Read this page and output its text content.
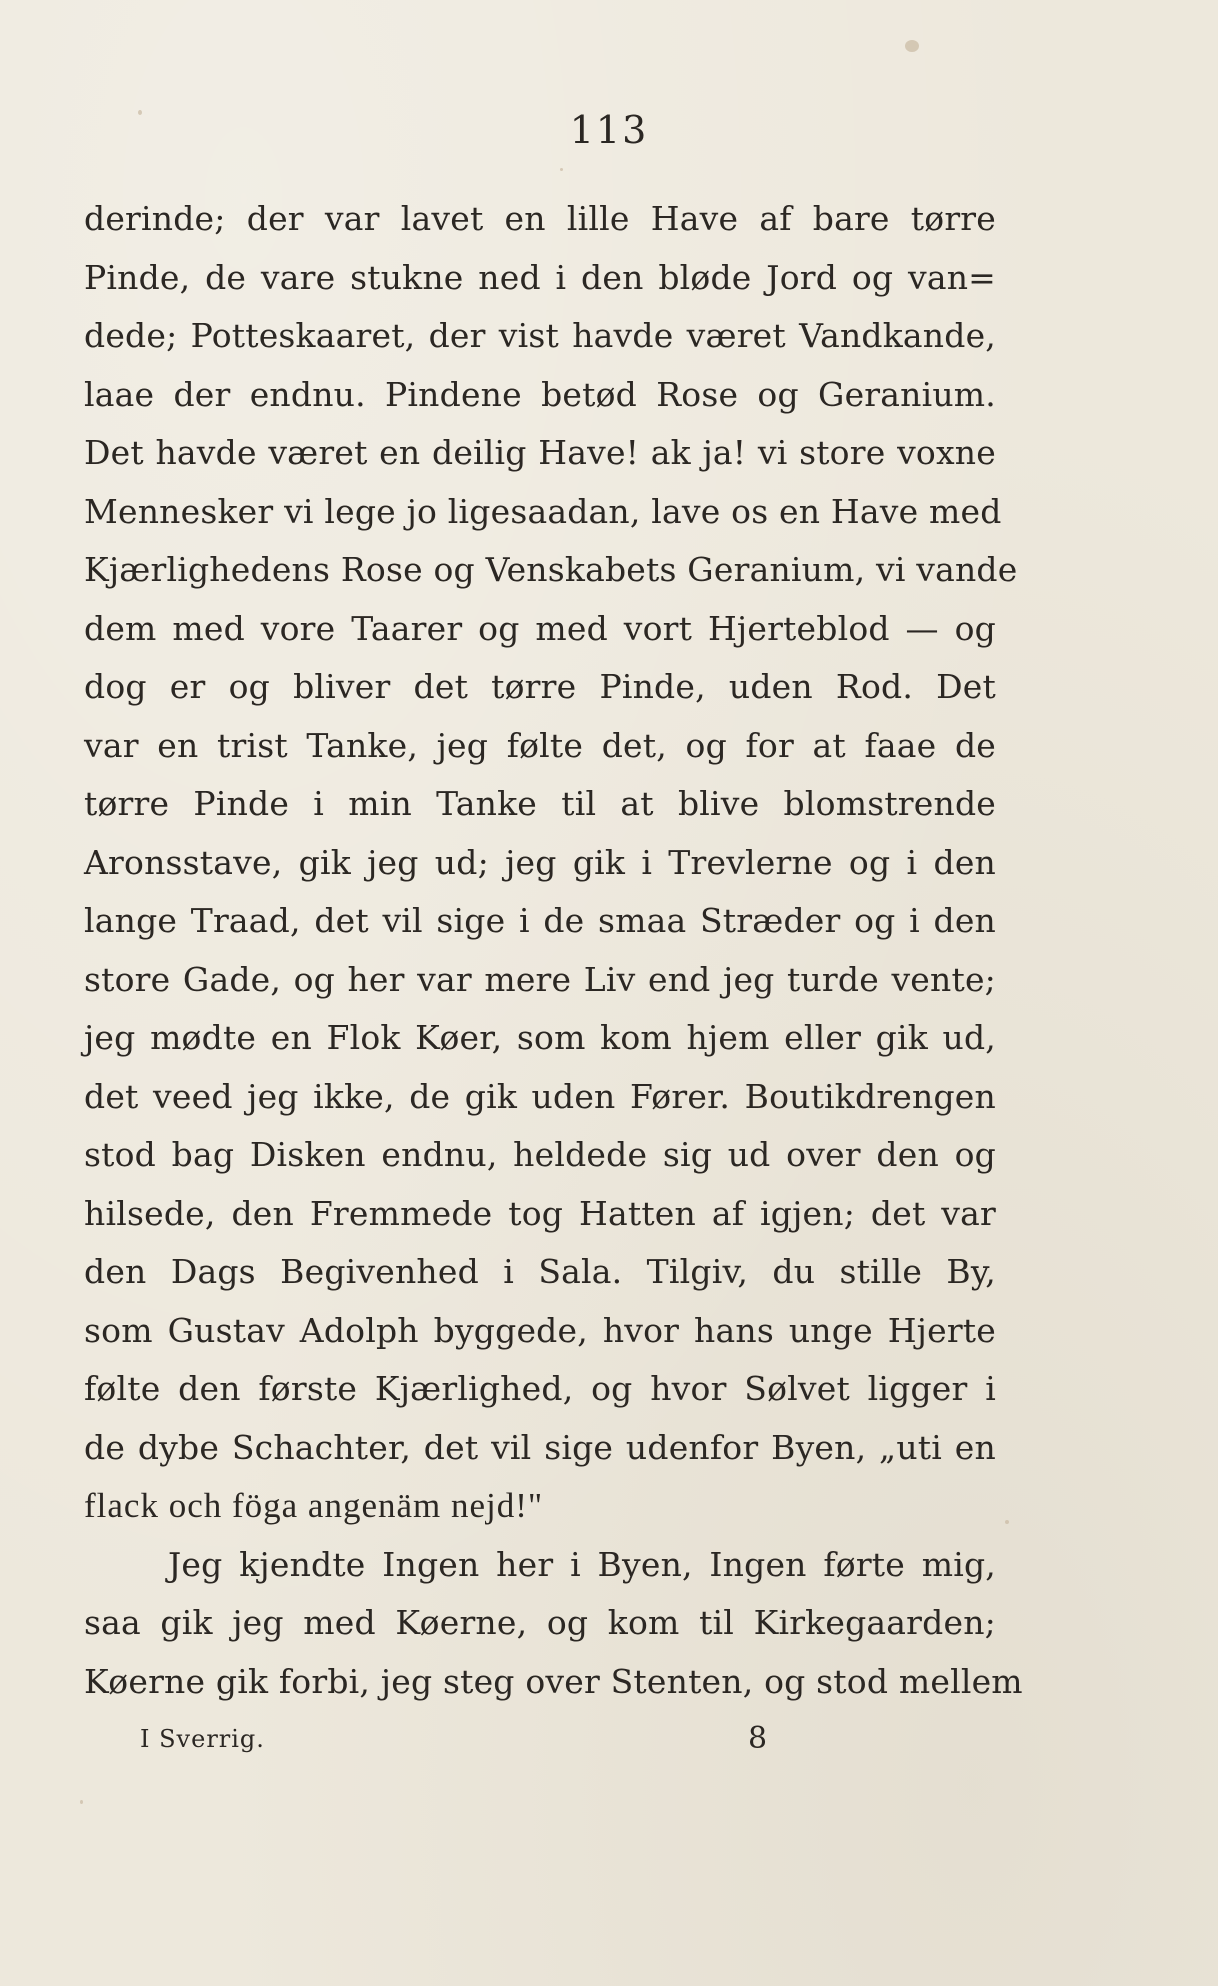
113
derinde; der var lavet en lille Have af bare tørre
Pinde, de vare stukne ned i den bløde Jord og van=
dede; Potteskaaret, der vist havde været Vandkande,
laae der endnu. Pindene betød Rose og Geranium.
Det havde været en deilig Have! ak ja! vi store voxne
Mennesker vi lege jo ligesaadan, lave os en Have med
Kjærlighedens Rose og Venskabets Geranium, vi vande
dem med vore Taarer og med vort Hjerteblod — og
dog er og bliver det tørre Pinde, uden Rod. Det
var en trist Tanke, jeg følte det, og for at faae de
tørre Pinde i min Tanke til at blive blomstrende
Aronsstave, gik jeg ud; jeg gik i Trevlerne og i den
lange Traad, det vil sige i de smaa Stræder og i den
store Gade, og her var mere Liv end jeg turde vente;
jeg mødte en Flok Køer, som kom hjem eller gik ud,
det veed jeg ikke, de gik uden Fører. Boutikdrengen
stod bag Disken endnu, heldede sig ud over den og
hilsede, den Fremmede tog Hatten af igjen; det var
den Dags Begivenhed i Sala. Tilgiv, du stille By,
som Gustav Adolph byggede, hvor hans unge Hjerte
følte den første Kjærlighed, og hvor Sølvet ligger i
de dybe Schachter, det vil sige udenfor Byen, „uti en
flack och föga angenäm nejd!"
Jeg kjendte Ingen her i Byen, Ingen førte mig,
saa gik jeg med Køerne, og kom til Kirkegaarden;
Køerne gik forbi, jeg steg over Stenten, og stod mellem
I Sverrig.	8
